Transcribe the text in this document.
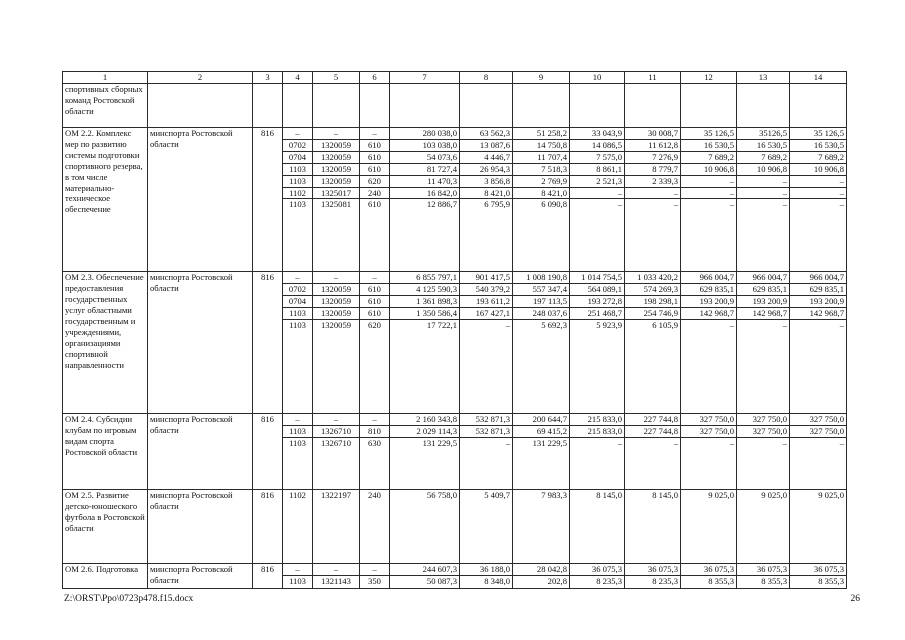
1	2	3	4	5	6	7	8	9	10	11	12	13	14
спортивных сборных команд Ростовской области													
ОМ 2.2. Комплекс мер по развитию системы подготовки спортивного резерва, в том числе материально-техническое обеспечение	минспорта Ростовской области	816	–	–	–	280 038,0	63 562,3	51 258,2	33 043,9	30 008,7	35 126,5	35126,5	35 126,5
			0702	1320059	610	103 038,0	13 087,6	14 750,8	14 086,5	11 612,8	16 530,5	16 530,5	16 530,5
			0704	1320059	610	54 073,6	4 446,7	11 707,4	7 575,0	7 276,9	7 689,2	7 689,2	7 689,2
			1103	1320059	610	81 727,4	26 954,3	7 518,3	8 861,1	8 779,7	10 906,8	10 906,8	10 906,8
			1103	1320059	620	11 470,3	3 856,8	2 769,9	2 521,3	2 339,3	–	–	–
			1102	1325017	240	16 842,0	8 421,0	8 421,0	–	–	–	–	–
			1103	1325081	610	12 886,7	6 795,9	6 090,8	–	–	–	–	–
ОМ 2.3. Обеспечение предоставления государственных услуг областными государственным и учреждениями, организациями спортивной направленности	минспорта Ростовской области	816	–	–	–	6 855 797,1	901 417,5	1 008 190,8	1 014 754,5	1 033 420,2	966 004,7	966 004,7	966 004,7
			0702	1320059	610	4 125 590,3	540 379,2	557 347,4	564 089,1	574 269,3	629 835,1	629 835,1	629 835,1
			0704	1320059	610	1 361 898,3	193 611,2	197 113,5	193 272,8	198 298,1	193 200,9	193 200,9	193 200,9
			1103	1320059	610	1 350 586,4	167 427,1	248 037,6	251 468,7	254 746,9	142 968,7	142 968,7	142 968,7
			1103	1320059	620	17 722,1	–	5 692,3	5 923,9	6 105,9	–	–	–
ОМ 2.4. Субсидии клубам по игровым видам спорта Ростовской области	минспорта Ростовской области	816	–	–	–	2 160 343,8	532 871,3	200 644,7	215 833,0	227 744,8	327 750,0	327 750,0	327 750,0
			1103	1326710	810	2 029 114,3	532 871,3	69 415,2	215 833,0	227 744,8	327 750,0	327 750,0	327 750,0
			1103	1326710	630	131 229,5	–	131 229,5	–	–	–	–	–
ОМ 2.5. Развитие детско-юношеского футбола в Ростовской области	минспорта Ростовской области	816	1102	1322197	240	56 758,0	5 409,7	7 983,3	8 145,0	8 145,0	9 025,0	9 025,0	9 025,0
ОМ 2.6. Подготовка	минспорта Ростовской области	816	–	–	–	244 607,3	36 188,0	28 042,8	36 075,3	36 075,3	36 075,3	36 075,3	36 075,3
			1103	1321143	350	50 087,3	8 348,0	202,8	8 235,3	8 235,3	8 355,3	8 355,3	8 355,3
Z:\ORST\Ppo\0723p478.f15.docx	26
